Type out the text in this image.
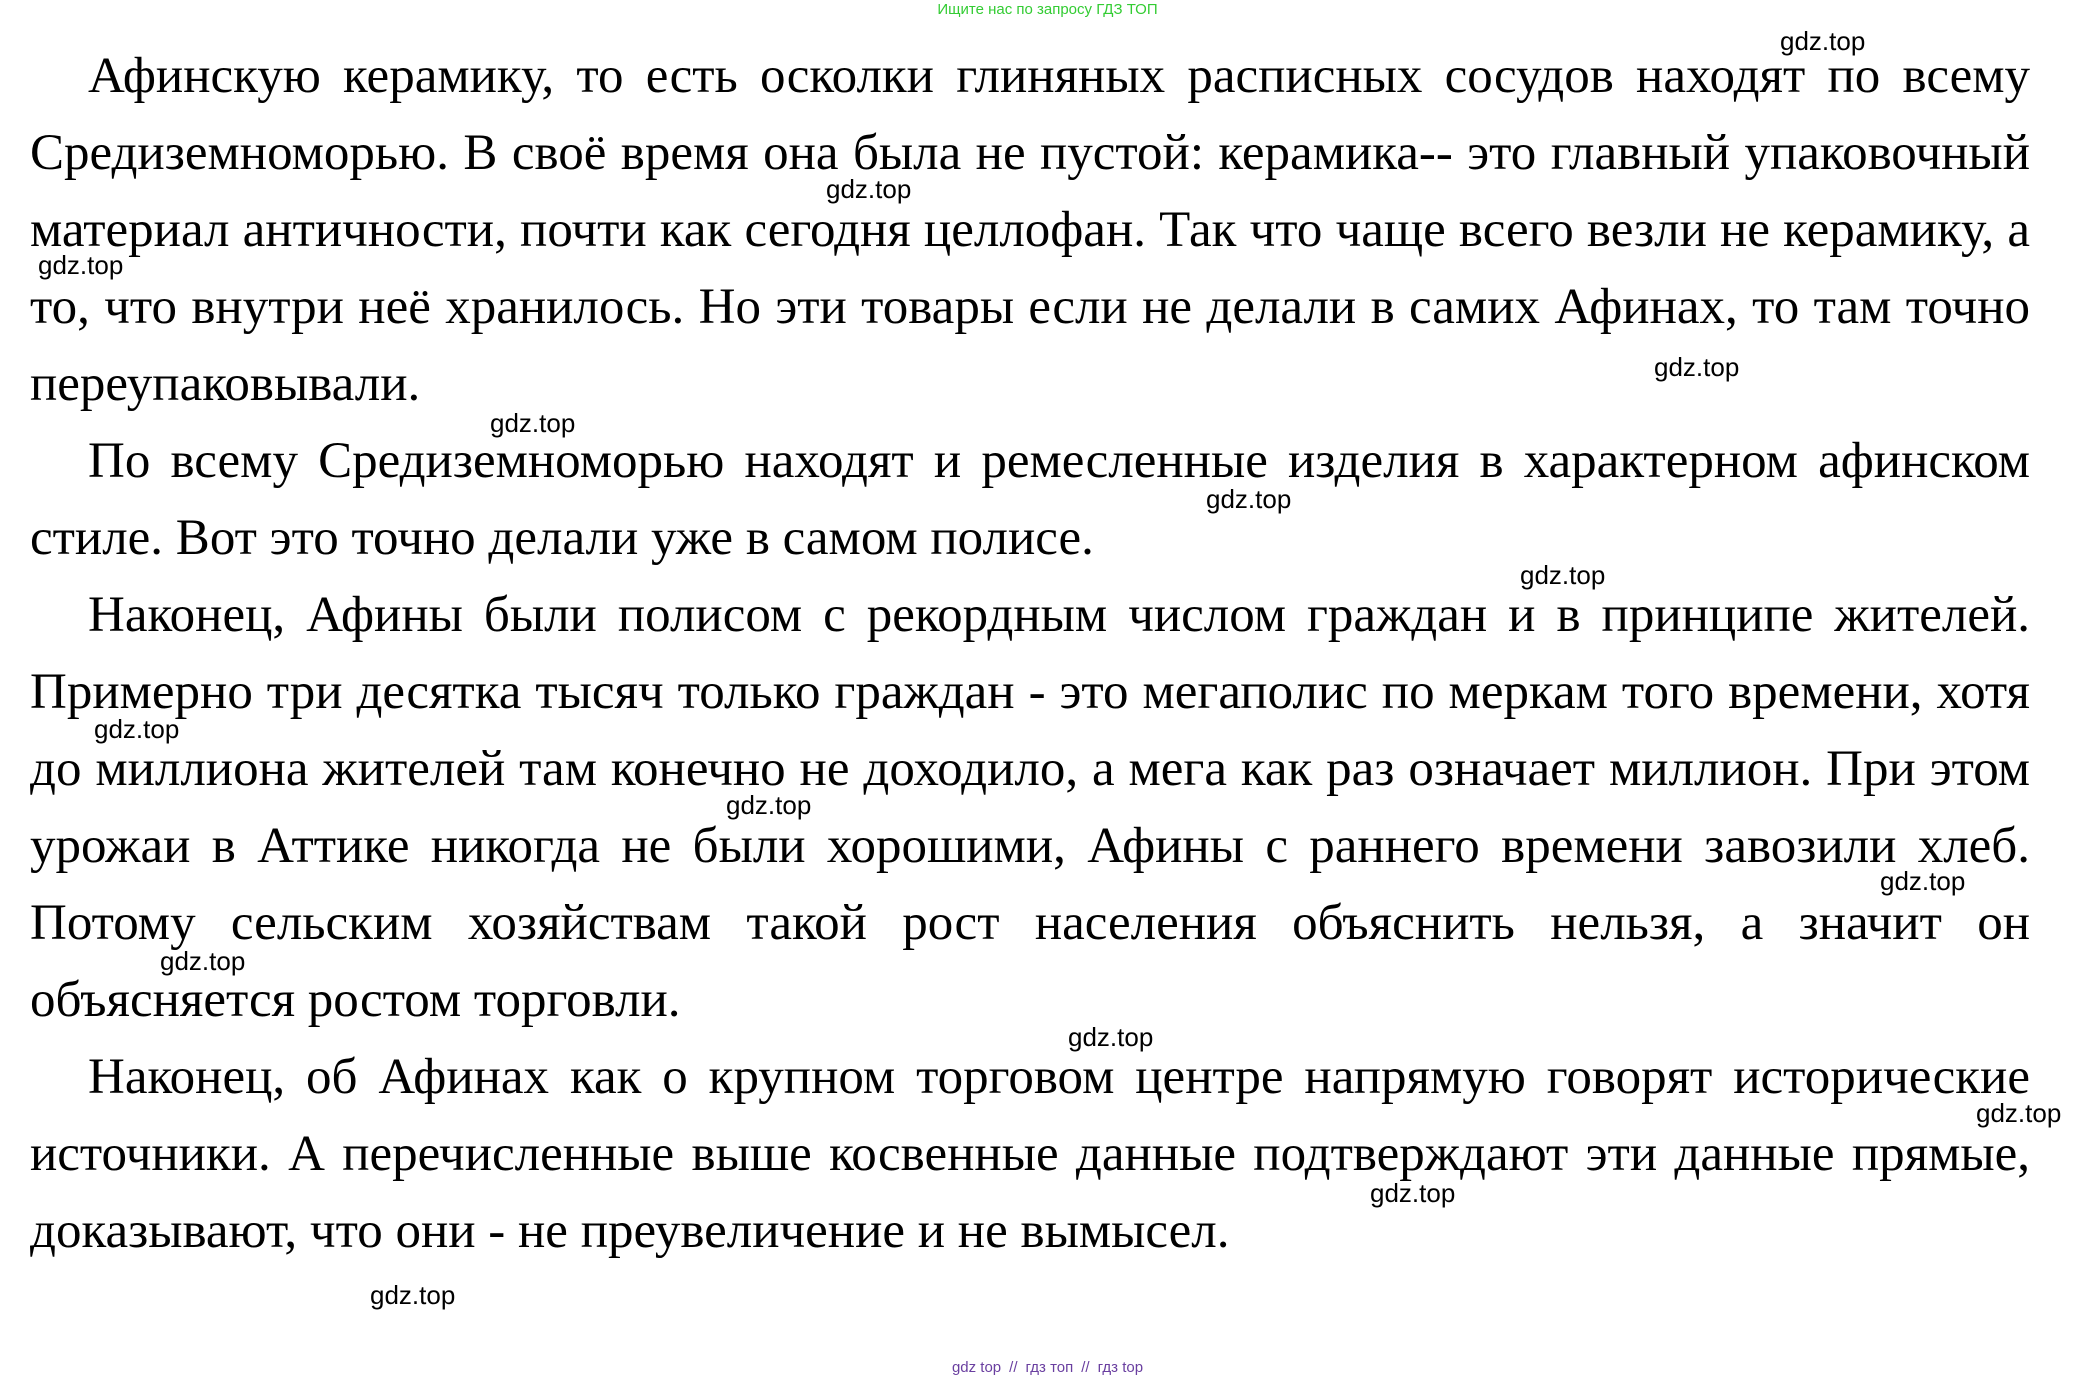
Ищите нас по запросу ГДЗ ТОП

Афинскую керамику, то есть осколки глиняных расписных сосудов находят по всему Средиземноморью. В своё время она была не пустой: керамика-- это главный упаковочный материал античности, почти как сегодня целлофан. Так что чаще всего везли не керамику, а то, что внутри неё хранилось. Но эти товары если не делали в самих Афинах, то там точно переупаковывали.

По всему Средиземноморью находят и ремесленные изделия в характерном афинском стиле. Вот это точно делали уже в самом полисе.

Наконец, Афины были полисом с рекордным числом граждан и в принципе жителей. Примерно три десятка тысяч только граждан - это мегаполис по меркам того времени, хотя до миллиона жителей там конечно не доходило, а мега как раз означает миллион. При этом урожаи в Аттике никогда не были хорошими, Афины с раннего времени завозили хлеб. Потому сельским хозяйствам такой рост населения объяснить нельзя, а значит он объясняется ростом торговли.

Наконец, об Афинах как о крупном торговом центре напрямую говорят исторические источники. А перечисленные выше косвенные данные подтверждают эти данные прямые, доказывают, что они - не преувеличение и не вымысел.

gdz.top
gdz.top
gdz.top
gdz.top
gdz.top
gdz.top
gdz.top
gdz.top
gdz.top
gdz.top
gdz.top
gdz.top
gdz.top
gdz.top
gdz.top
gdz top // гдз топ // гдз top
